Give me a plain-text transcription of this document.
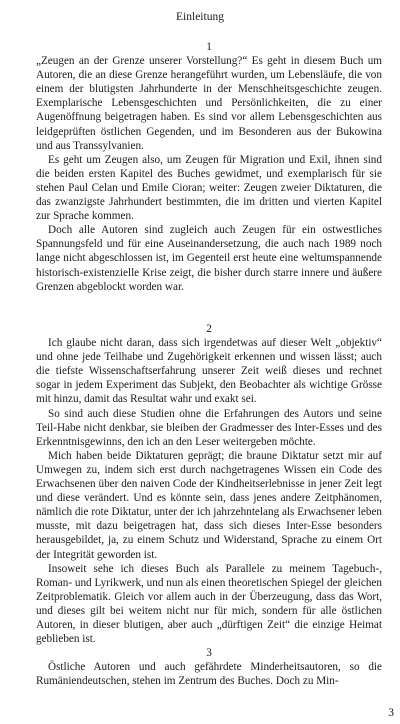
Einleitung

1

„Zeugen an der Grenze unserer Vorstellung?“ Es geht in diesem Buch um Autoren, die an diese Grenze herangeführt wurden, um Lebensläufe, die von einem der blutigsten Jahrhunderte in der Menschheitsgeschichte zeugen. Exemplarische Lebensgeschichten und Persönlichkeiten, die zu einer Augenöffnung beigetragen haben. Es sind vor allem Lebensgeschichten aus leidgeprüften östlichen Gegenden, und im Besonderen aus der Bukowina und aus Transsylvanien.

Es geht um Zeugen also, um Zeugen für Migration und Exil, ihnen sind die beiden ersten Kapitel des Buches gewidmet, und exemplarisch für sie stehen Paul Celan und Emile Cioran; weiter: Zeugen zweier Diktaturen, die das zwanzigste Jahrhundert bestimmten, die im dritten und vierten Kapitel zur Sprache kommen.

Doch alle Autoren sind zugleich auch Zeugen für ein ostwestliches Spannungsfeld und für eine Auseinandersetzung, die auch nach 1989 noch lange nicht abgeschlossen ist, im Gegenteil erst heute eine weltumspannende historisch-existenzielle Krise zeigt, die bisher durch starre innere und äußere Grenzen abgeblockt worden war.

2

Ich glaube nicht daran, dass sich irgendetwas auf dieser Welt „objektiv“ und ohne jede Teilhabe und Zugehörigkeit erkennen und wissen lässt; auch die tiefste Wissenschaftserfahrung unserer Zeit weiß dieses und rechnet sogar in jedem Experiment das Subjekt, den Beobachter als wichtige Grösse mit hinzu, damit das Resultat wahr und exakt sei.

So sind auch diese Studien ohne die Erfahrungen des Autors und seine Teil-Habe nicht denkbar, sie bleiben der Gradmesser des Inter-Esses und des Erkenntnisgewinns, den ich an den Leser weitergeben möchte.

Mich haben beide Diktaturen geprägt; die braune Diktatur setzt mir auf Umwegen zu, indem sich erst durch nachgetragenes Wissen ein Code des Erwachsenen über den naiven Code der Kindheitserlebnisse in jener Zeit legt und diese verändert. Und es könnte sein, dass jenes andere Zeitphänomen, nämlich die rote Diktatur, unter der ich jahrzehntelang als Erwachsener leben musste, mit dazu beigetragen hat, dass sich dieses Inter-Esse besonders herausgebildet, ja, zu einem Schutz und Widerstand, Sprache zu einem Ort der Integrität geworden ist.

Insoweit sehe ich dieses Buch als Parallele zu meinem Tagebuch-, Roman- und Lyrikwerk, und nun als einen theoretischen Spiegel der gleichen Zeitproblematik. Gleich vor allem auch in der Überzeugung, dass das Wort, und dieses gilt bei weitem nicht nur für mich, sondern für alle östlichen Autoren, in dieser blutigen, aber auch „dürftigen Zeit“ die einzige Heimat geblieben ist.

3

Östliche Autoren und auch gefährdete Minderheitsautoren, so die Rumäniendeutschen, stehen im Zentrum des Buches. Doch zu Min-

3
